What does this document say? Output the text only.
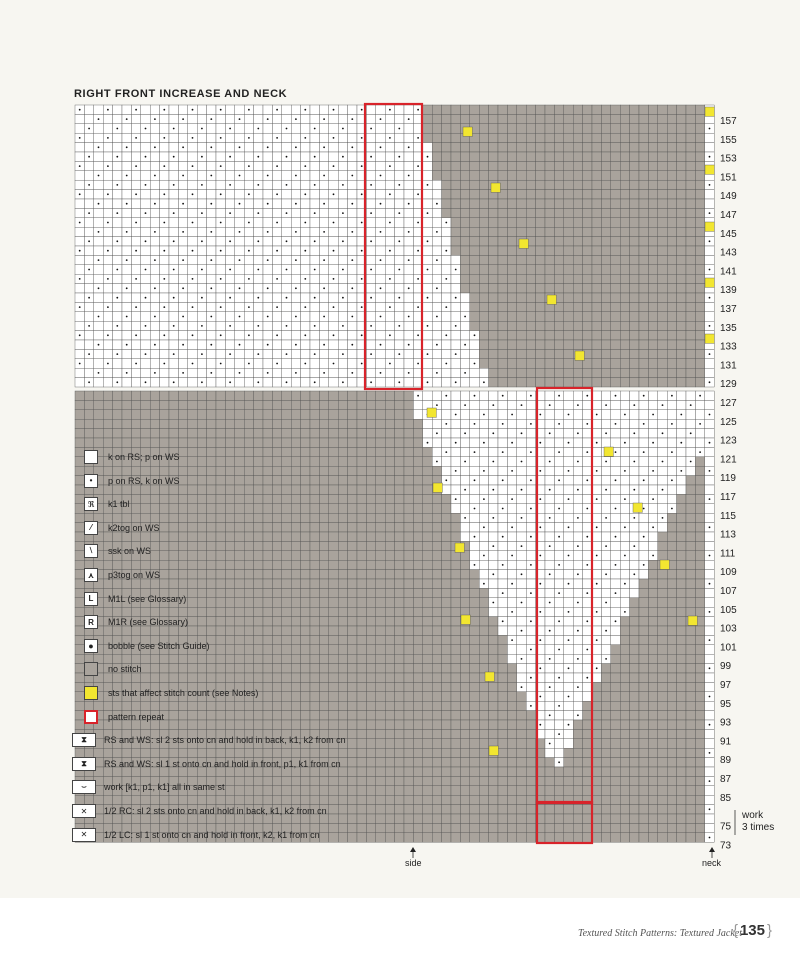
RIGHT FRONT INCREASE AND NECK
157
155
153
151
149
147
145
143
141
139
137
135
133
131
129
127
125
123
121
119
117
115
113
111
109
107
105
103
101
99
97
95
93
91
89
87
85
75
73
work
3 times
side	neck
k on RS; p on WS
•	p on RS, k on WS
ℜ	k1 tbl
⁄	k2tog on WS
⧵	ssk on WS
⋏	p3tog on WS
L	M1L (see Glossary)
R	M1R (see Glossary)
●	bobble (see Stitch Guide)
no stitch
sts that affect stitch count (see Notes)
pattern repeat
⧗	RS and WS: sl 2 sts onto cn and hold in back, k1, k2 from cn
⧗	RS and WS: sl 1 st onto cn and hold in front, p1, k1 from cn
⌣	work [k1, p1, k1] all in same st
✕	1/2 RC: sl 2 sts onto cn and hold in back, k1, k2 from cn
✕	1/2 LC: sl 1 st onto cn and hold in front, k2, k1 from cn
Textured Stitch Patterns: Textured Jacket
{ 135 }
